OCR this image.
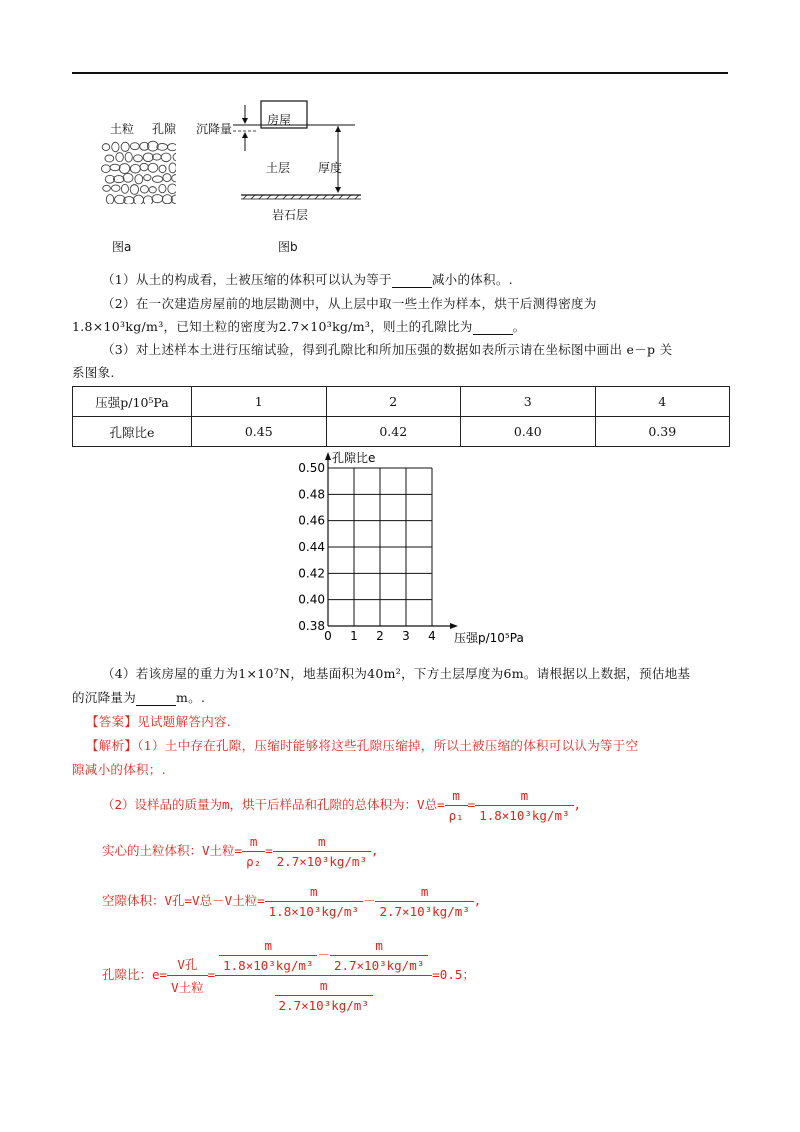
土粒 孔隙
图a
房屋
沉降量
土层 厚度
岩石层
图b
（1）从土的构成看，土被压缩的体积可以认为等于	减小的体积。.
（2）在一次建造房屋前的地层勘测中，从上层中取一些土作为样本，烘干后测得密度为
1.8×10³kg/m³，已知土粒的密度为2.7×10³kg/m³，则土的孔隙比为	。
（3）对上述样本土进行压缩试验，得到孔隙比和所加压强的数据如表所示请在坐标图中画出 e－p 关
系图象.
压强p/10⁵Pa	1	2	3	4
孔隙比e	0.45	0.42	0.40	0.39
0 1 2 3 4
0.38
0.40
0.42
0.44
0.46
0.48
0.50
孔隙比e
压强p/10⁵Pa
（4）若该房屋的重力为1×10⁷N，地基面积为40m²，下方土层厚度为6m。请根据以上数据，预估地基
的沉降量为	m。.
【答案】见试题解答内容.
【解析】（1）土中存在孔隙，压缩时能够将这些孔隙压缩掉，所以土被压缩的体积可以认为等于空
隙减小的体积；.
（2）设样品的质量为m，烘干后样品和孔隙的总体积为：V总= $\frac{m}{\text{ρ₁}} = \frac{m}{\text{1.8×10³kg/m³}}$ ,
实心的土粒体积：V土粒= $\frac{m}{\text{ρ₂}} = \frac{m}{\text{2.7×10³kg/m³}}$ ,
空隙体积：V孔=V总－V土粒= $\frac{m}{\text{1.8×10³kg/m³}} - \frac{m}{\text{2.7×10³kg/m³}}$ ,
孔隙比：$e= \frac{\text{V孔}}{\text{V土粒}} = \frac{\frac{m}{\text{1.8×10³kg/m³}} - \frac{m}{\text{2.7×10³kg/m³}}}{\frac{m}{\text{2.7×10³kg/m³}}} =0.5$；
